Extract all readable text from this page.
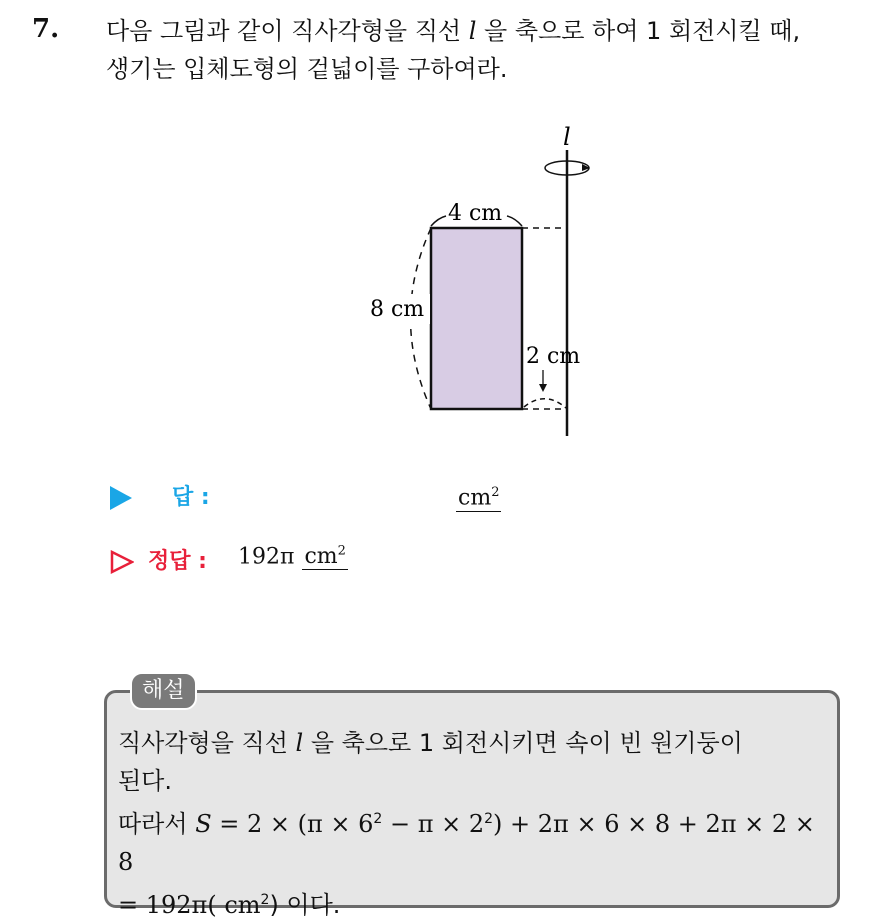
7. 다음 그림과 같이 직사각형을 직선 l 을 축으로 하여 1 회전시킬 때,
생기는 입체도형의 겉넓이를 구하여라.
l
4 cm
8 cm
2 cm
답 :	$cm^2$
정답 : 192π $cm^2$
해설
직사각형을 직선 l 을 축으로 1 회전시키면 속이 빈 원기둥이
된다.
따라서 $S = 2 \times (\pi \times 6^2 - \pi \times 2^2) + 2\pi \times 6 \times 8 + 2\pi \times 2 \times 8$
= 192π( $cm^2$) 이다.
